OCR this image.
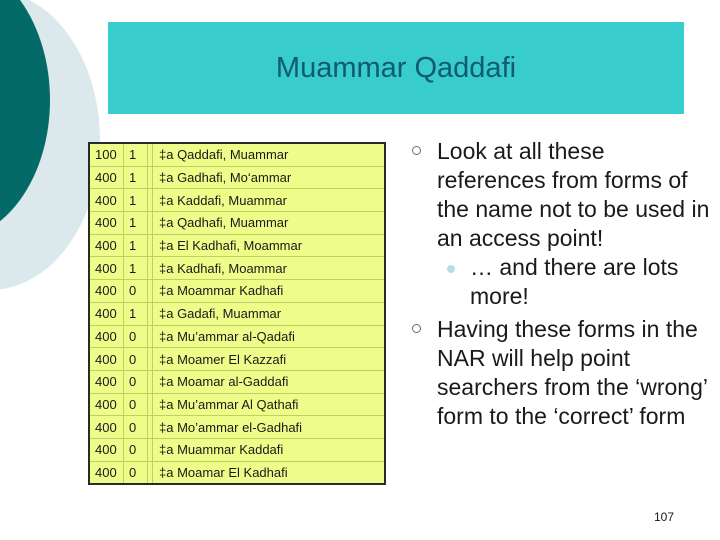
Muammar Qaddafi
100	1		‡a Qaddafi, Muammar
400	1		‡a Gadhafi, Mo‘ammar
400	1		‡a Kaddafi, Muammar
400	1		‡a Qadhafi, Muammar
400	1		‡a El Kadhafi, Moammar
400	1		‡a Kadhafi, Moammar
400	0		‡a Moammar Kadhafi
400	1		‡a Gadafi, Muammar
400	0		‡a Mu’ammar al-Qadafi
400	0		‡a Moamer El Kazzafi
400	0		‡a Moamar al-Gaddafi
400	0		‡a Mu’ammar Al Qathafi
400	0		‡a Mo’ammar el-Gadhafi
400	0		‡a Muammar Kaddafi
400	0		‡a Moamar El Kadhafi

Look at all these references from forms of the name not to be used in an access point!

… and there are lots more!

Having these forms in the NAR will help point searchers from the ‘wrong’ form to the ‘correct’ form

107
